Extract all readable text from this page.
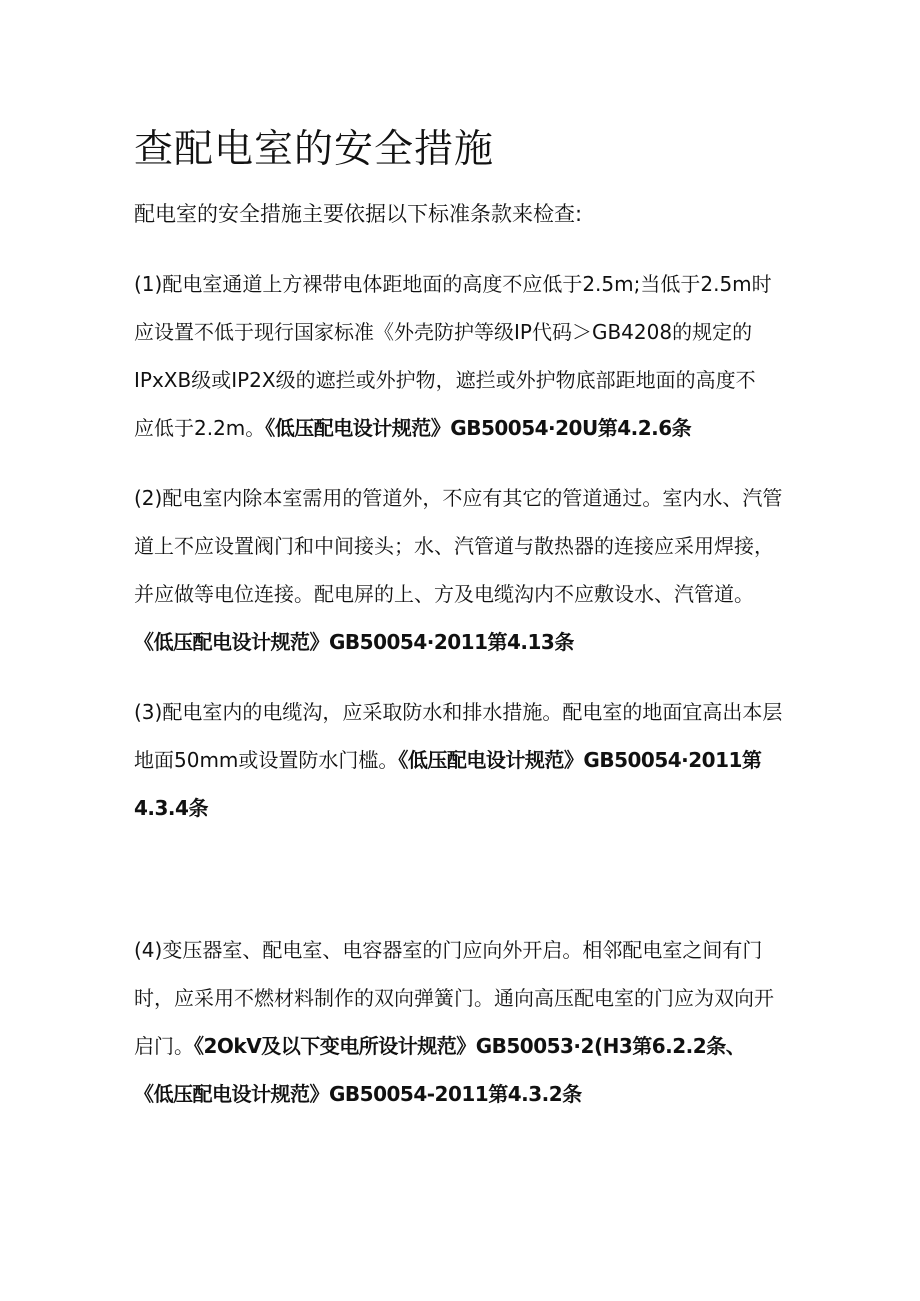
查配电室的安全措施

配电室的安全措施主要依据以下标准条款来检查:

(1)配电室通道上方裸带电体距地面的高度不应低于2.5m;当低于2.5m时
应设置不低于现行国家标准《外壳防护等级IP代码＞GB4208的规定的
IPxXB级或IP2X级的遮拦或外护物，遮拦或外护物底部距地面的高度不
应低于2.2m。《低压配电设计规范》GB50054·20U第4.2.6条
(2)配电室内除本室需用的管道外，不应有其它的管道通过。室内水、汽管
道上不应设置阀门和中间接头；水、汽管道与散热器的连接应采用焊接，
并应做等电位连接。配电屏的上、方及电缆沟内不应敷设水、汽管道。
《低压配电设计规范》GB50054·2011第4.13条
(3)配电室内的电缆沟，应采取防水和排水措施。配电室的地面宜高出本层
地面50mm或设置防水门槛。《低压配电设计规范》GB50054·2011第
4.3.4条
(4)变压器室、配电室、电容器室的门应向外开启。相邻配电室之间有门
时，应采用不燃材料制作的双向弹簧门。通向高压配电室的门应为双向开
启门。《2OkV及以下变电所设计规范》GB50053·2(H3第6.2.2条、
《低压配电设计规范》GB50054-2011第4.3.2条
